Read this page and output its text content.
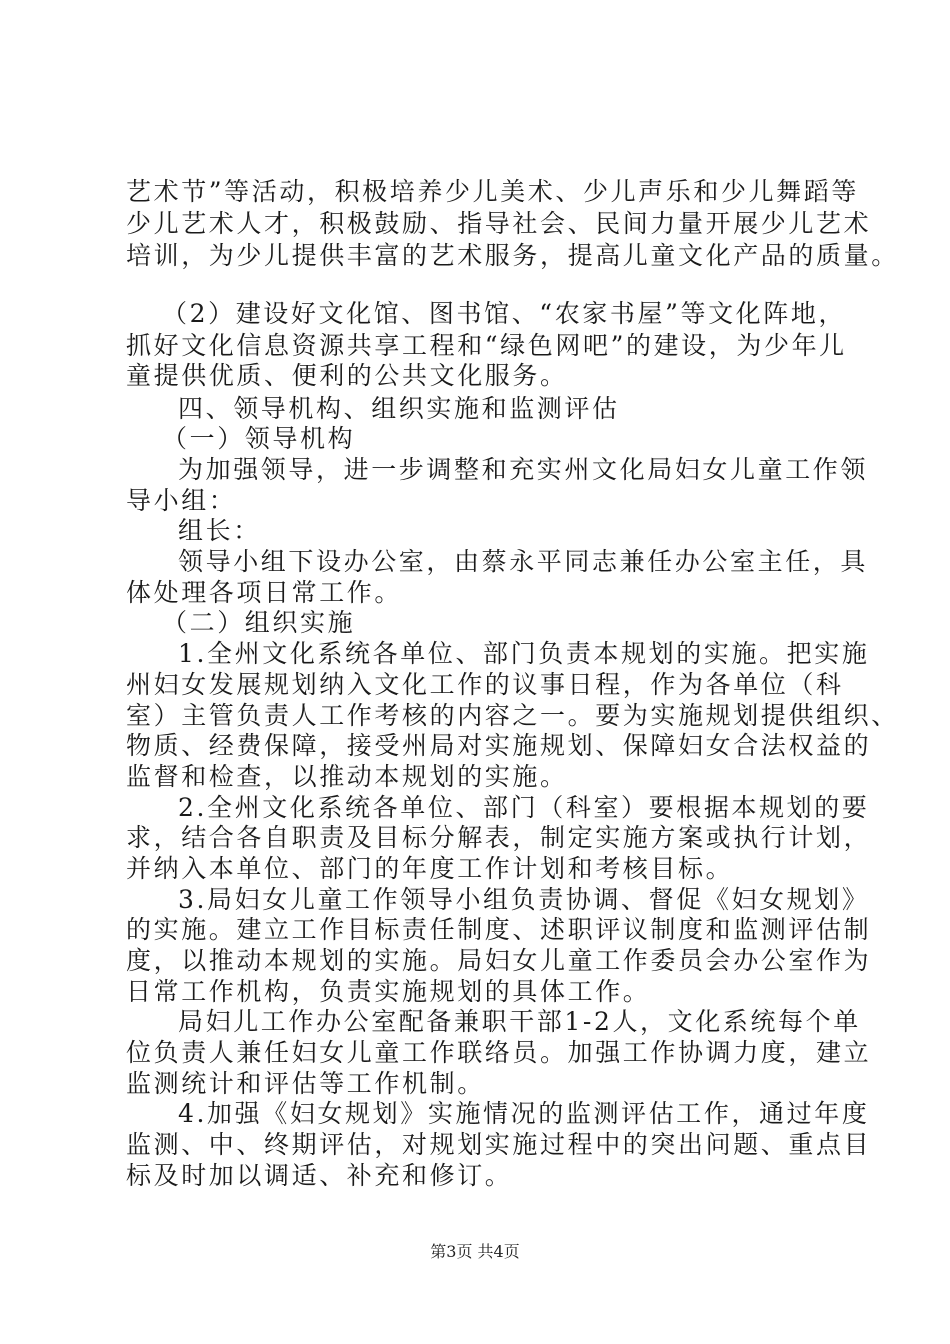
艺术节”等活动，积极培养少儿美术、少儿声乐和少儿舞蹈等
少儿艺术人才，积极鼓励、指导社会、民间力量开展少儿艺术
培训，为少儿提供丰富的艺术服务，提高儿童文化产品的质量。
（2）建设好文化馆、图书馆、“农家书屋”等文化阵地，
抓好文化信息资源共享工程和“绿色网吧”的建设，为少年儿
童提供优质、便利的公共文化服务。
四、领导机构、组织实施和监测评估
（一）领导机构
为加强领导，进一步调整和充实州文化局妇女儿童工作领
导小组：
组长：
领导小组下设办公室，由蔡永平同志兼任办公室主任，具
体处理各项日常工作。
（二）组织实施
1.全州文化系统各单位、部门负责本规划的实施。把实施
州妇女发展规划纳入文化工作的议事日程，作为各单位（科
室）主管负责人工作考核的内容之一。要为实施规划提供组织、
物质、经费保障，接受州局对实施规划、保障妇女合法权益的
监督和检查，以推动本规划的实施。
2.全州文化系统各单位、部门（科室）要根据本规划的要
求，结合各自职责及目标分解表，制定实施方案或执行计划，
并纳入本单位、部门的年度工作计划和考核目标。
3.局妇女儿童工作领导小组负责协调、督促《妇女规划》
的实施。建立工作目标责任制度、述职评议制度和监测评估制
度，以推动本规划的实施。局妇女儿童工作委员会办公室作为
日常工作机构，负责实施规划的具体工作。
局妇儿工作办公室配备兼职干部1-2人，文化系统每个单
位负责人兼任妇女儿童工作联络员。加强工作协调力度，建立
监测统计和评估等工作机制。
4.加强《妇女规划》实施情况的监测评估工作，通过年度
监测、中、终期评估，对规划实施过程中的突出问题、重点目
标及时加以调适、补充和修订。
第3页 共4页
